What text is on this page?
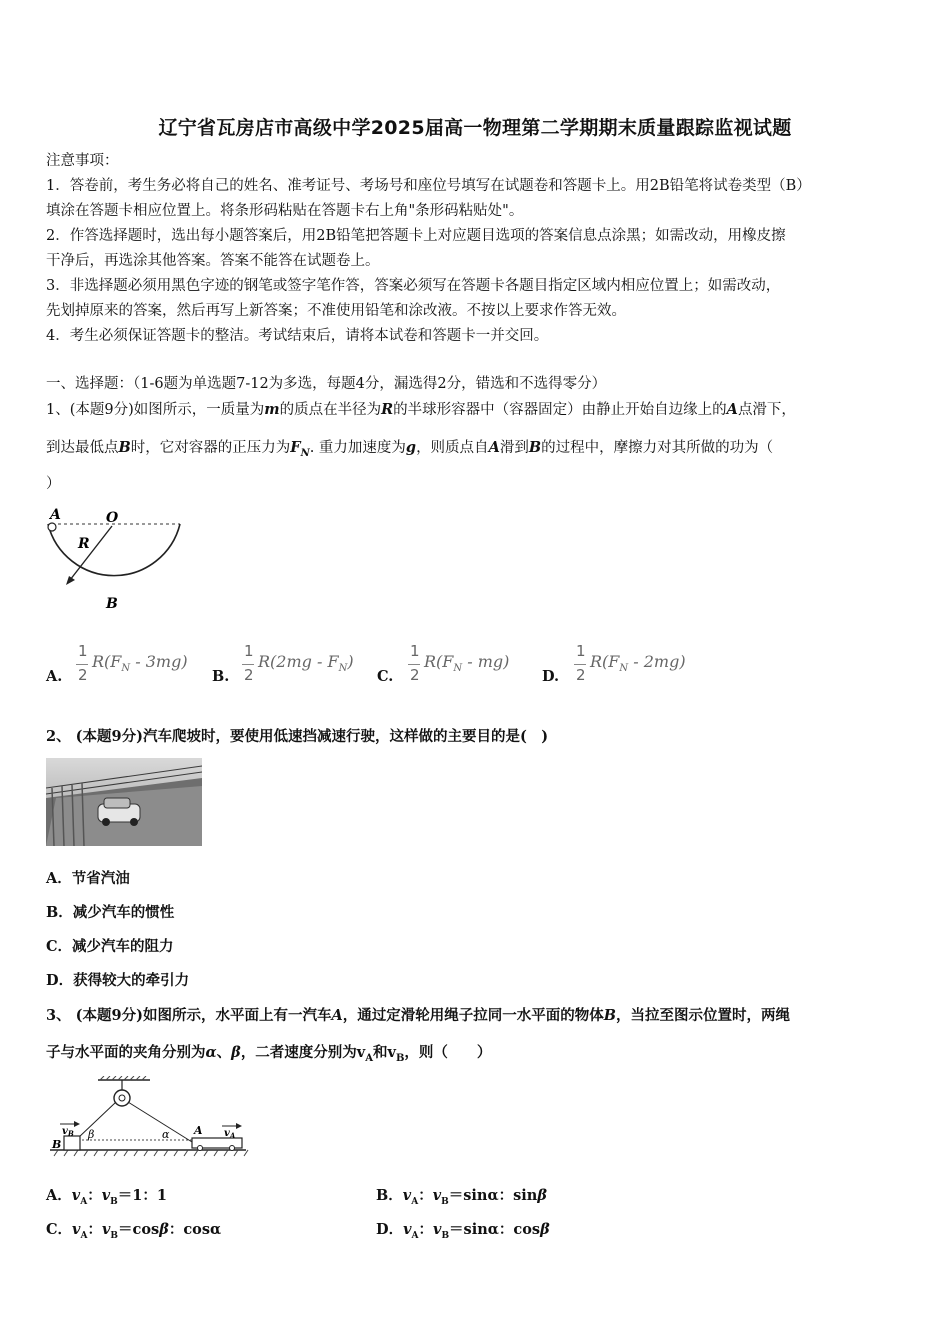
辽宁省瓦房店市高级中学2025届高一物理第二学期期末质量跟踪监视试题
注意事项：
1．答卷前，考生务必将自己的姓名、准考证号、考场号和座位号填写在试题卷和答题卡上。用2B铅笔将试卷类型（B）
填涂在答题卡相应位置上。将条形码粘贴在答题卡右上角"条形码粘贴处"。
2．作答选择题时，选出每小题答案后，用2B铅笔把答题卡上对应题目选项的答案信息点涂黑；如需改动，用橡皮擦
干净后，再选涂其他答案。答案不能答在试题卷上。
3．非选择题必须用黑色字迹的钢笔或签字笔作答，答案必须写在答题卡各题目指定区域内相应位置上；如需改动，
先划掉原来的答案，然后再写上新答案；不准使用铅笔和涂改液。不按以上要求作答无效。
4．考生必须保证答题卡的整洁。考试结束后，请将本试卷和答题卡一并交回。
一、选择题：（1-6题为单选题7-12为多选，每题4分，漏选得2分，错选和不选得零分）
1、(本题9分)如图所示，一质量为m的质点在半径为R的半球形容器中（容器固定）由静止开始自边缘上的A点滑下，
到达最低点B时，它对容器的正压力为$F_N$. 重力加速度为g，则质点自A滑到B的过程中，摩擦力对其所做的功为（
）
A	O
R
B
A.
1
2
$R(F_N - 3mg)$
B.
1
2
$R(2mg - F_N)$
C.
1
2
$R(F_N - mg)$
D.
1
2
$R(F_N - 2mg)$
2、 (本题9分)汽车爬坡时，要使用低速挡减速行驶，这样做的主要目的是(　)
A．节省汽油
B．减少汽车的惯性
C．减少汽车的阻力
D．获得较大的牵引力
3、 (本题9分)如图所示，水平面上有一汽车A，通过定滑轮用绳子拉同一水平面的物体B，当拉至图示位置时，两绳
子与水平面的夹角分别为α、β，二者速度分别为$v_A$和$v_B$，则（　　）
$v_B$	$v_A$
B
A
β	α
A．$v_A$：$v_B=1$：1	B．$v_A$：$v_B=\sin\alpha$：sinβ
C．$v_A$：$v_B=\cos\beta$：cosα	D．$v_A$：$v_B=\sin\alpha$：cosβ
